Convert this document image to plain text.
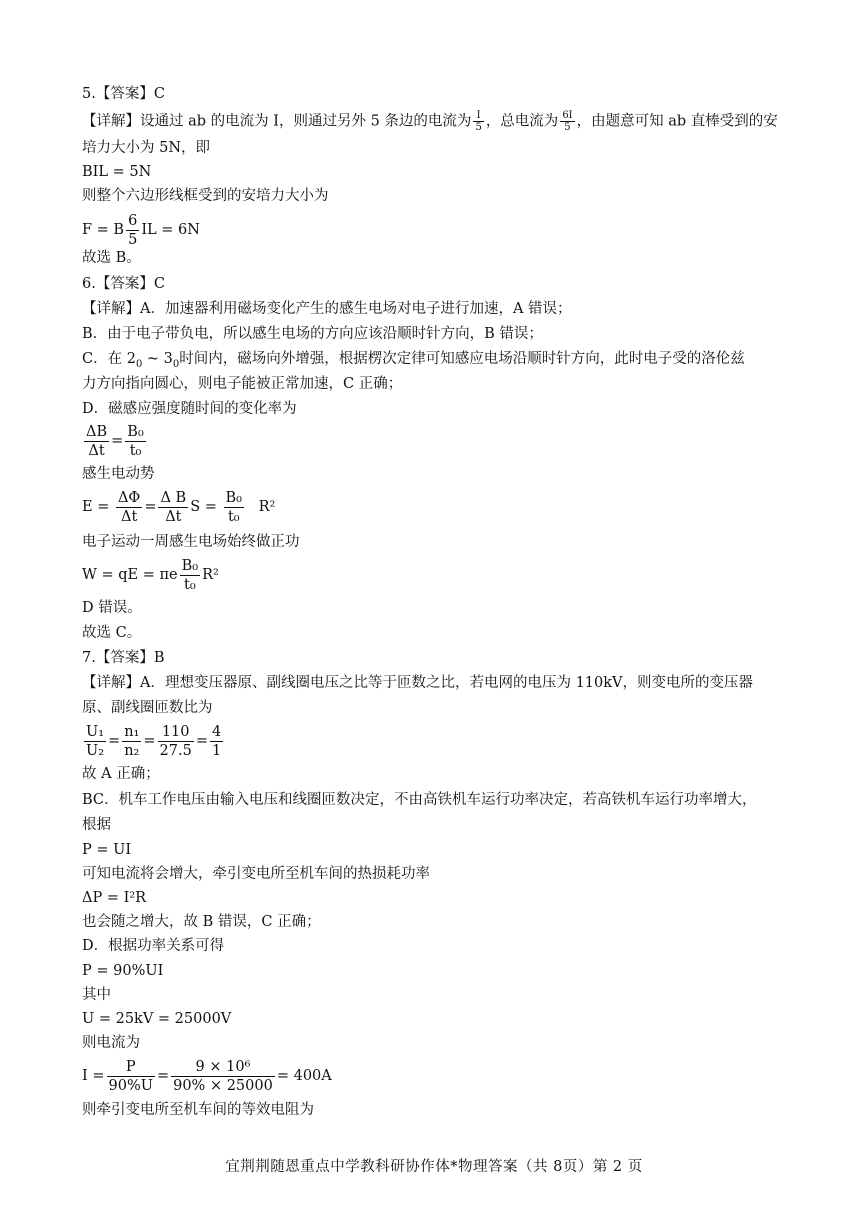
5.【答案】C
【详解】设通过 ab 的电流为 I，则通过另外 5 条边的电流为 $\frac{I}{5}$ ，总电流为 $\frac{6I}{5}$ ，由题意可知 ab 直棒受到的安
培力大小为 5N，即
BIL = 5N
则整个六边形线框受到的安培力大小为
F = B $\frac{6}{5}$ IL = 6N
故选 B。
6.【答案】C
【详解】A．加速器利用磁场变化产生的感生电场对电子进行加速，A 错误；
B．由于电子带负电，所以感生电场的方向应该沿顺时针方向，B 错误；
C．在 $2_0$ ~ $3_0$时间内，磁场向外增强，根据楞次定律可知感应电场沿顺时针方向，此时电子受的洛伦兹
力方向指向圆心，则电子能被正常加速，C 正确；
D．磁感应强度随时间的变化率为
$\frac{\Delta B}{\Delta t} = \frac{\text{B₀}}{\text{t₀}}$
感生电动势
$E = \frac{\Delta\Phi}{\Delta t} = \frac{\text{Δ B}}{\Delta t}$ $S = \frac{\text{B₀}}{\text{t₀}} R^2$
电子运动一周感生电场始终做正功
W = qE = πe $\frac{\text{B₀}}{\text{t₀}} R^2$
D 错误。
故选 C。
7.【答案】B
【详解】A．理想变压器原、副线圈电压之比等于匝数之比，若电网的电压为 110kV，则变电所的变压器
原、副线圈匝数比为
$\frac{\text{U₁}}{\text{U₂}} = \frac{\text{n₁}}{\text{n₂}} = \frac{110}{27.5} = \frac{4}{1}$
故 A 正确；
BC．机车工作电压由输入电压和线圈匝数决定，不由高铁机车运行功率决定，若高铁机车运行功率增大，
根据
P = UI
可知电流将会增大，牵引变电所至机车间的热损耗功率
ΔP = I²R
也会随之增大，故 B 错误，C 正确；
D．根据功率关系可得
P = 90%UI
其中
U = 25kV = 25000V
则电流为
$I = \frac{P}{90\%U} = \frac{\text{9 × 10⁶}}{90\% \times 25000} = 400A$
则牵引变电所至机车间的等效电阻为
宜荆荆随恩重点中学教科研协作体*物理答案（共 8页）第 2 页
